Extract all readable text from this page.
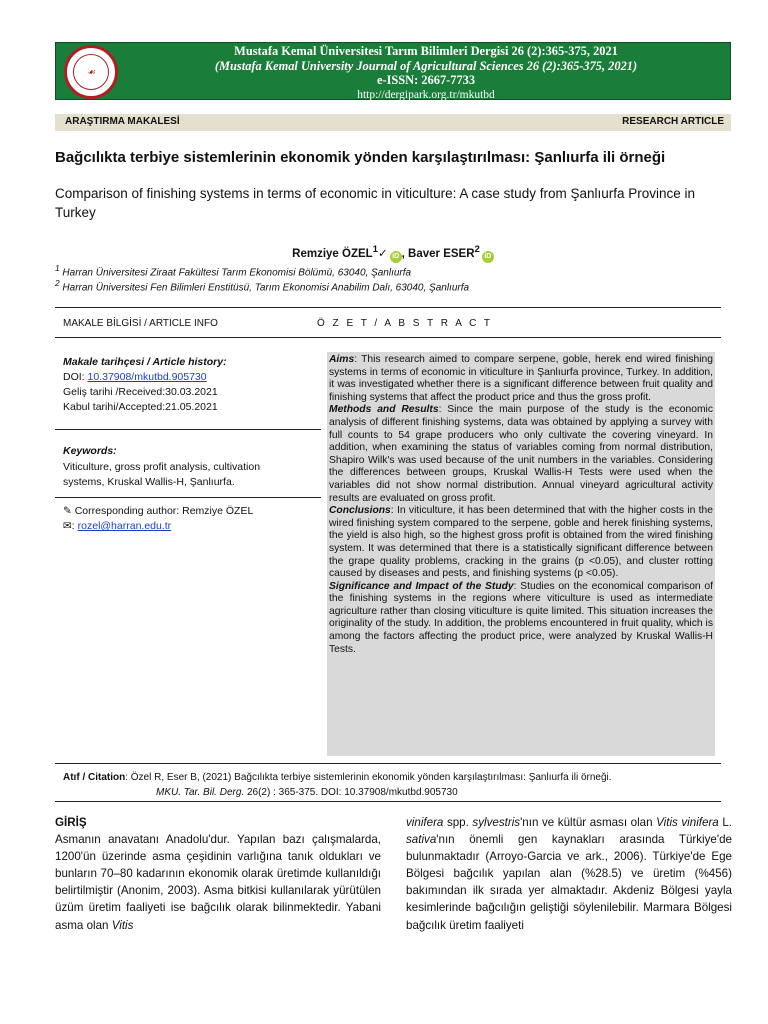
☙
Mustafa Kemal Üniversitesi Tarım Bilimleri Dergisi 26 (2):365-375, 2021
(Mustafa Kemal University Journal of Agricultural Sciences 26 (2):365-375, 2021)
e-ISSN: 2667-7733
http://dergipark.org.tr/mkutbd
ARAŞTIRMA MAKALESİ	RESEARCH ARTICLE
Bağcılıkta terbiye sistemlerinin ekonomik yönden karşılaştırılması: Şanlıurfa ili örneği
Comparison of finishing systems in terms of economic in viticulture: A case study from Şanlıurfa Province in Turkey
Remziye ÖZEL$^1$✓ iD , Baver ESER$^2$iD
$^1$ Harran Üniversitesi Ziraat Fakültesi Tarım Ekonomisi Bölümü, 63040, Şanlıurfa
$^2$ Harran Üniversitesi Fen Bilimleri Enstitüsü, Tarım Ekonomisi Anabilim Dalı, 63040, Şanlıurfa
MAKALE BİLGİSİ / ARTICLE INFO	Ö Z E T / A B S T R A C T
Makale tarihçesi / Article history:
DOI: 10.37908/mkutbd.905730
Geliş tarihi /Received:30.03.2021
Kabul tarihi/Accepted:21.05.2021
Keywords:
Viticulture, gross profit analysis, cultivation systems, Kruskal Wallis-H, Şanlıurfa.
✎ Corresponding author: Remziye ÖZEL
✉: rozel@harran.edu.tr

Aims: This research aimed to compare serpene, goble, herek end wired finishing systems in terms of economic in viticulture in Şanlıurfa province, Turkey. In addition, it was investigated whether there is a significant difference between fruit quality and finishing systems that affect the product price and thus the gross profit.

Methods and Results: Since the main purpose of the study is the economic analysis of different finishing systems, data was obtained by applying a survey with full counts to 54 grape producers who only cultivate the covering vineyard. In addition, when examining the status of variables coming from normal distribution, Shapiro Wilk's was used because of the unit numbers in the variables. Considering the differences between groups, Kruskal Wallis-H Tests were used when the variables did not show normal distribution. Annual vineyard agricultural activity results are evaluated on gross profit.

Conclusions: In viticulture, it has been determined that with the higher costs in the wired finishing system compared to the serpene, goble and herek finishing systems, the yield is also high, so the highest gross profit is obtained from the wired finishing system. It was determined that there is a statistically significant difference between the grape quality problems, cracking in the grains (p <0.05), and cluster rotting caused by diseases and pests, and finishing systems (p <0.05).

Significance and Impact of the Study: Studies on the economical comparison of the finishing systems in the regions where viticulture is used as intermediate agriculture rather than closing viticulture is quite limited. This situation increases the originality of the study. In addition, the problems encountered in fruit quality, which is among the factors affecting the product price, were analyzed by Kruskal Wallis-H Tests.

Atıf / Citation: Özel R, Eser B, (2021) Bağcılıkta terbiye sistemlerinin ekonomik yönden karşılaştırılması: Şanlıurfa ili örneği.
MKU. Tar. Bil. Derg. 26(2) : 365-375. DOI: 10.37908/mkutbd.905730
GİRİŞ
Asmanın anavatanı Anadolu'dur. Yapılan bazı çalışmalarda, 1200'ün üzerinde asma çeşidinin varlığına tanık oldukları ve bunların 70–80 kadarının ekonomik olarak üretimde kullanıldığı belirtilmiştir (Anonim, 2003). Asma bitkisi kullanılarak yürütülen üzüm üretim faaliyeti ise bağcılık olarak bilinmektedir. Yabani asma olan Vitis
vinifera spp. sylvestris'nın ve kültür asması olan Vitis vinifera L. sativa'nın önemli gen kaynakları arasında Türkiye'de bulunmaktadır (Arroyo-Garcia ve ark., 2006). Türkiye'de Ege Bölgesi bağcılık yapılan alan (%28.5) ve üretim (%456) bakımından ilk sırada yer almaktadır. Akdeniz Bölgesi yayla kesimlerinde bağcılığın geliştiği söylenilebilir. Marmara Bölgesi bağcılık üretim faaliyeti
